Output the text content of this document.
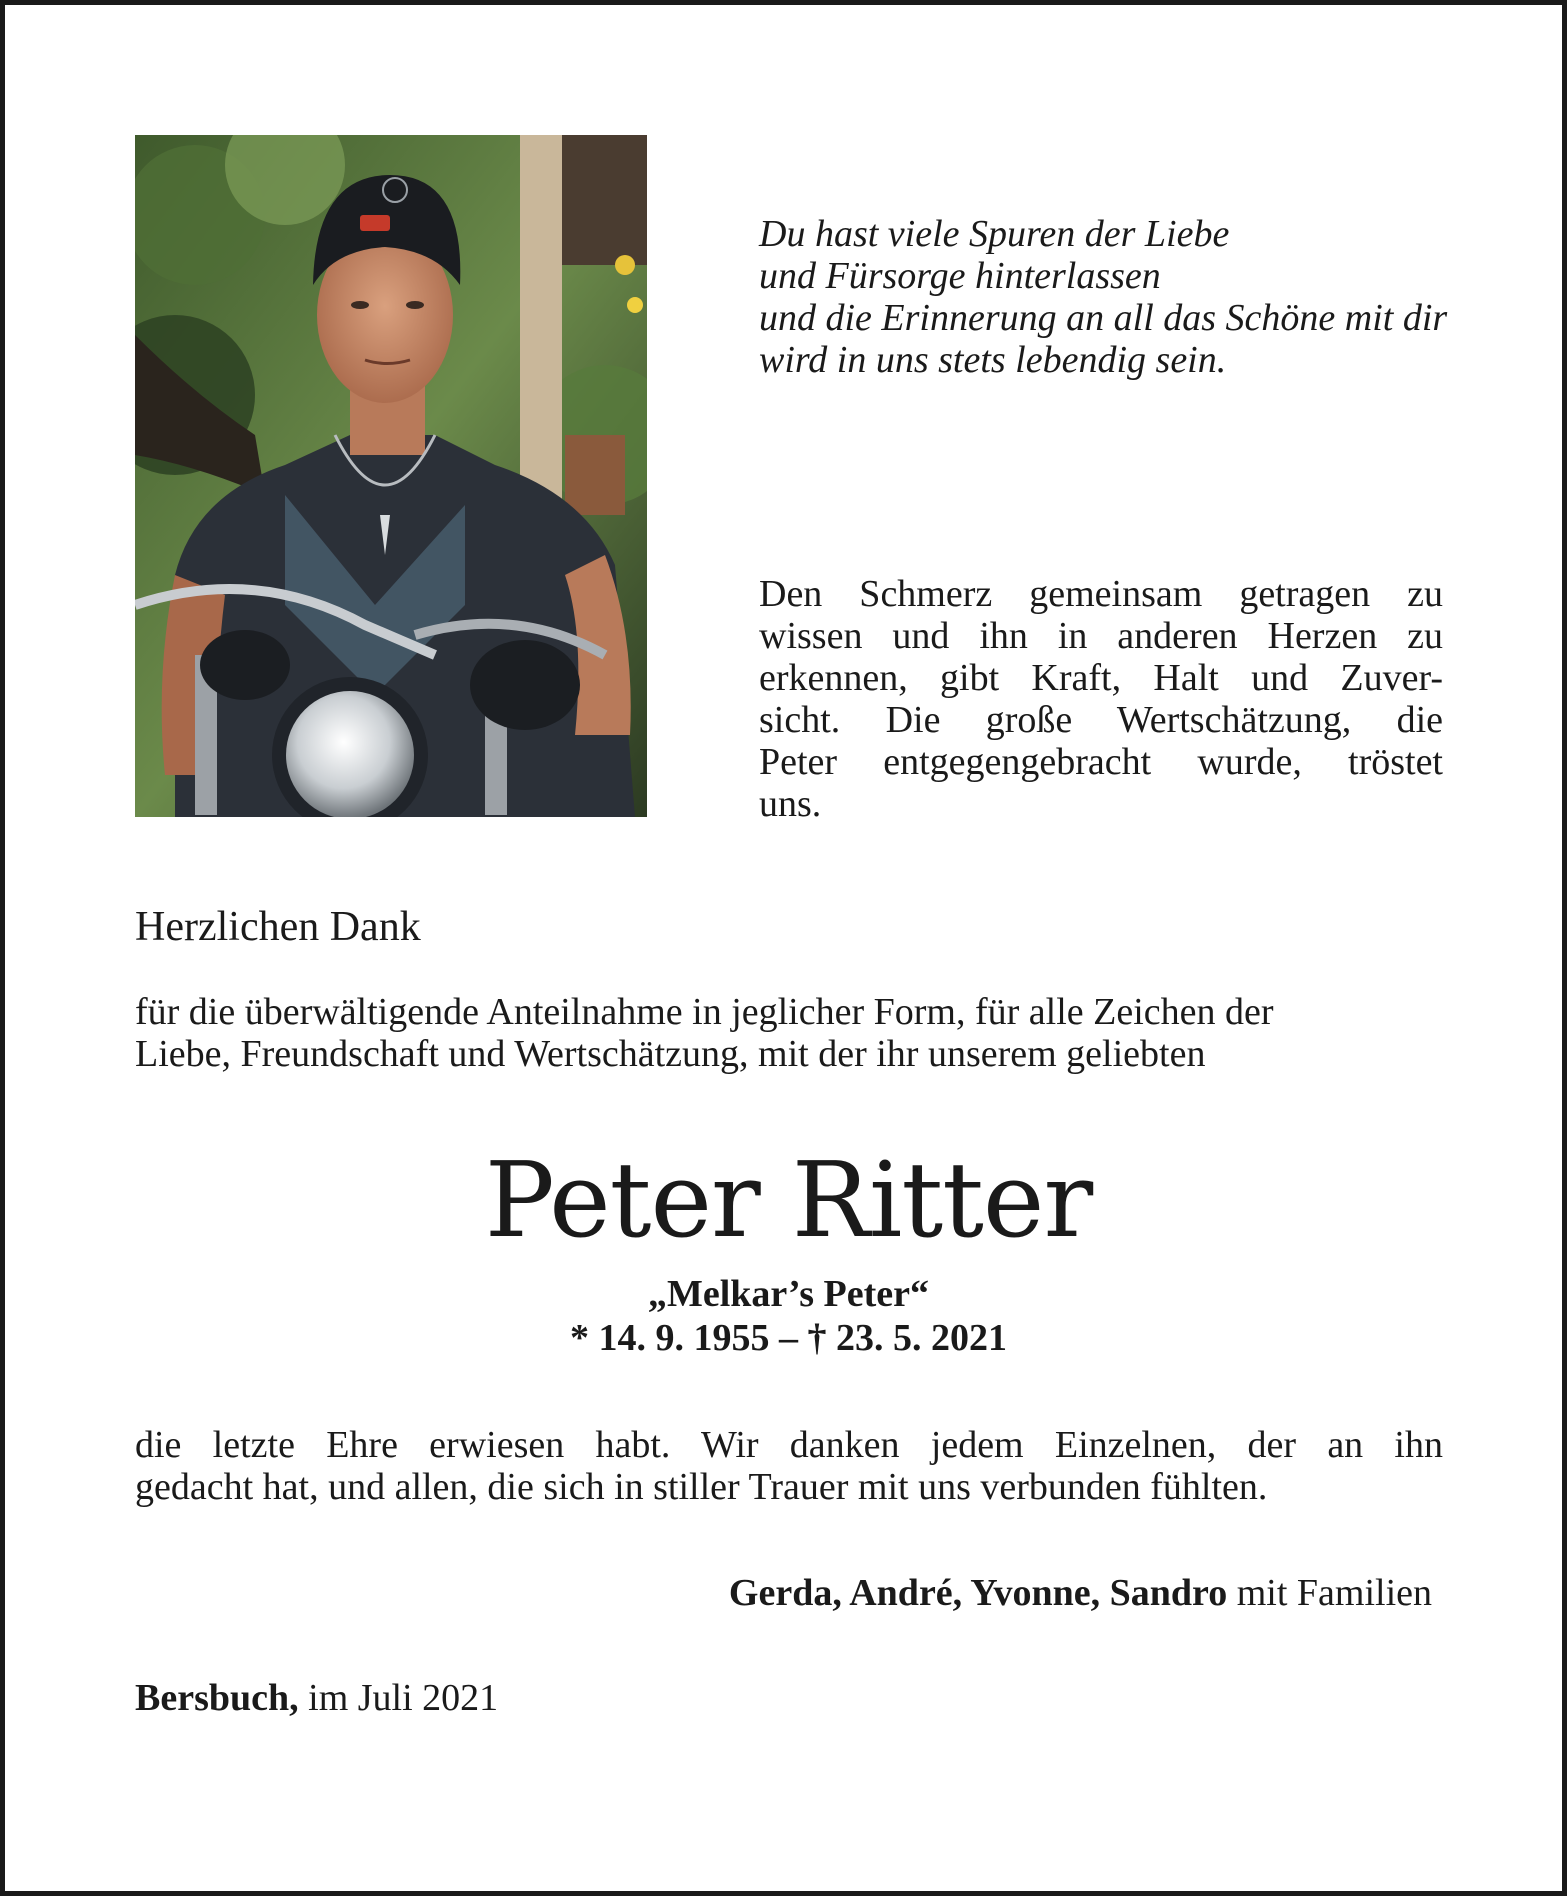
Du hast viele Spuren der Liebe
und Fürsorge hinterlassen
und die Erinnerung an all das Schöne mit dir
wird in uns stets lebendig sein.
Den Schmerz gemeinsam getragen zu
wissen und ihn in anderen Herzen zu
erkennen, gibt Kraft, Halt und Zuver-
sicht. Die große Wertschätzung, die
Peter entgegengebracht wurde, tröstet
uns.
Herzlichen Dank
für die überwältigende Anteilnahme in jeglicher Form, für alle Zeichen der
Liebe, Freundschaft und Wertschätzung, mit der ihr unserem geliebten
Peter Ritter
„Melkar’s Peter“
* 14. 9. 1955 – † 23. 5. 2021
die letzte Ehre erwiesen habt. Wir danken jedem Einzelnen, der an ihn
gedacht hat, und allen, die sich in stiller Trauer mit uns verbunden fühlten.
Gerda, André, Yvonne, Sandro mit Familien
Bersbuch, im Juli 2021
